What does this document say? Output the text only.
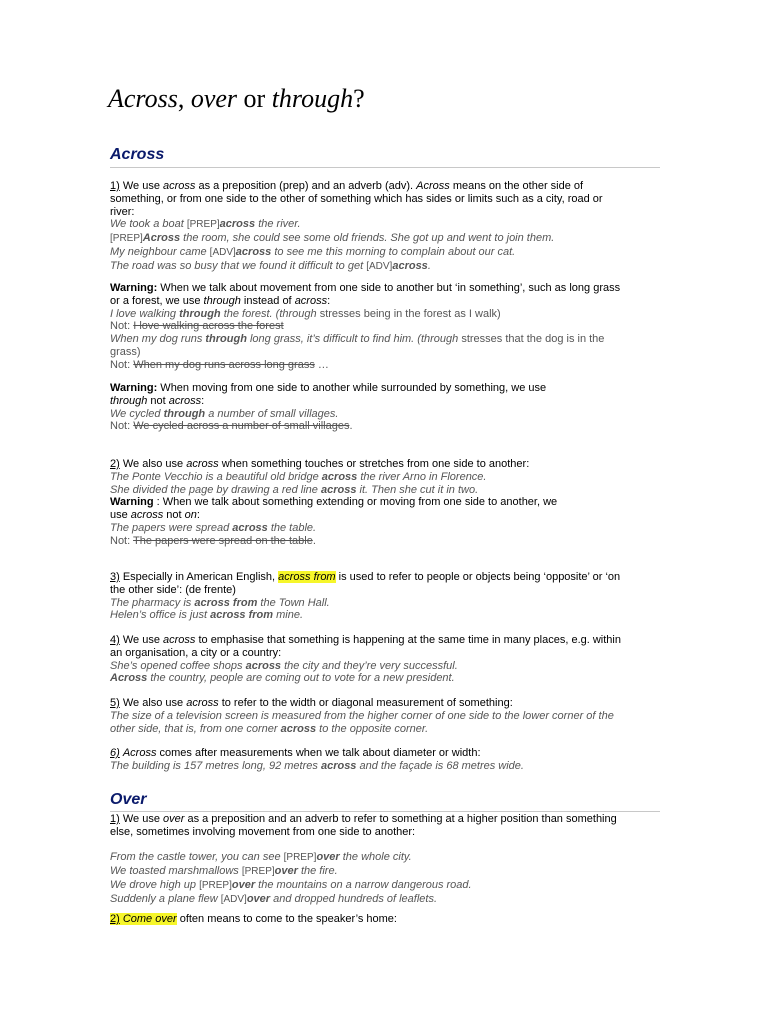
Across, over or through?
Across
1) We use across as a preposition (prep) and an adverb (adv). Across means on the other side of
something, or from one side to the other of something which has sides or limits such as a city, road or
river:
We took a boat [PREP]across the river.
[PREP]Across the room, she could see some old friends. She got up and went to join them.
My neighbour came [ADV]across to see me this morning to complain about our cat.
The road was so busy that we found it difficult to get [ADV]across.
Warning: When we talk about movement from one side to another but ‘in something’, such as long grass
or a forest, we use through instead of across:
I love walking through the forest. (through stresses being in the forest as I walk)
Not: I love walking across the forest
When my dog runs through long grass, it’s difficult to find him. (through stresses that the dog is in the
grass)
Not: When my dog runs across long grass …
Warning: When moving from one side to another while surrounded by something, we use
through not across:
We cycled through a number of small villages.
Not: We cycled across a number of small villages.
2) We also use across when something touches or stretches from one side to another:
The Ponte Vecchio is a beautiful old bridge across the river Arno in Florence.
She divided the page by drawing a red line across it. Then she cut it in two.
Warning : When we talk about something extending or moving from one side to another, we
use across not on:
The papers were spread across the table.
Not: The papers were spread on the table.
3) Especially in American English, across from is used to refer to people or objects being ‘opposite’ or ‘on
the other side’: (de frente)
The pharmacy is across from the Town Hall.
Helen’s office is just across from mine.
4) We use across to emphasise that something is happening at the same time in many places, e.g. within
an organisation, a city or a country:
She’s opened coffee shops across the city and they’re very successful.
Across the country, people are coming out to vote for a new president.
5) We also use across to refer to the width or diagonal measurement of something:
The size of a television screen is measured from the higher corner of one side to the lower corner of the
other side, that is, from one corner across to the opposite corner.
6) Across comes after measurements when we talk about diameter or width:
The building is 157 metres long, 92 metres across and the façade is 68 metres wide.
Over
1) We use over as a preposition and an adverb to refer to something at a higher position than something
else, sometimes involving movement from one side to another:

From the castle tower, you can see [PREP]over the whole city.
We toasted marshmallows [PREP]over the fire.
We drove high up [PREP]over the mountains on a narrow dangerous road.
Suddenly a plane flew [ADV]over and dropped hundreds of leaflets.
2) Come over often means to come to the speaker’s home:
